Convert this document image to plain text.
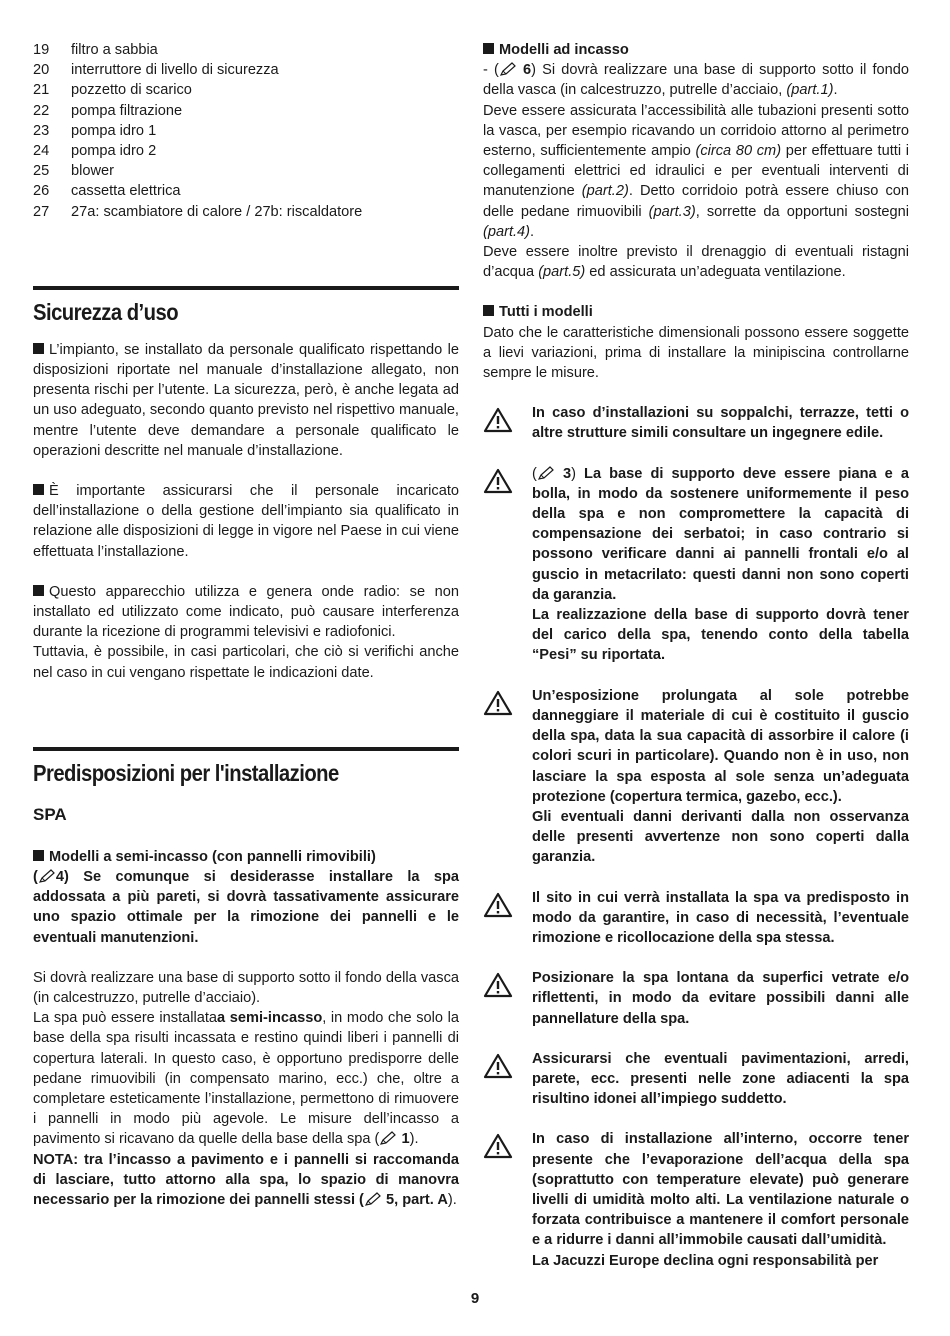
19	filtro a sabbia
20	interruttore di livello di sicurezza
21	pozzetto di scarico
22	pompa filtrazione
23	pompa idro 1
24	pompa idro 2
25	blower
26	cassetta elettrica
27	27a: scambiatore di calore / 27b: riscaldatore
Sicurezza d’uso

L’impianto, se installato da personale qualificato rispettando le disposizioni riportate nel manuale d’installazione allegato, non presenta rischi per l’utente. La sicurezza, però, è anche legata ad un uso adeguato, secondo quanto previsto nel rispettivo manuale, mentre l’utente deve demandare a personale qualificato le operazioni descritte nel manuale d’installazione.

È importante assicurarsi che il personale incaricato dell’installazione o della gestione dell’impianto sia qualificato in relazione alle disposizioni di legge in vigore nel Paese in cui viene effettuata l’installazione.

Questo apparecchio utilizza e genera onde radio: se non installato ed utilizzato come indicato, può causare interferenza durante la ricezione di programmi televisivi e radiofonici.

Tuttavia, è possibile, in casi particolari, che ciò si verifichi anche nel caso in cui vengano rispettate le indicazioni date.

Predisposizioni per l'installazione
SPA

Modelli a semi-incasso (con pannelli rimovibili)

( 4) Se comunque si desiderasse installare la spa addossata a più pareti, si dovrà tassativamente assicurare uno spazio ottimale per la rimozione dei pannelli e le eventuali manutenzioni.

Si dovrà realizzare una base di supporto sotto il fondo della vasca (in calcestruzzo, putrelle d’acciaio).

La spa può essere installataa semi-incasso, in modo che solo la base della spa risulti incassata e restino quindi liberi i pannelli di copertura laterali. In questo caso, è opportuno predisporre delle pedane rimuovibili (in compensato marino, ecc.) che, oltre a completare esteticamente l’installazione, permettono di rimuovere i pannelli in modo più agevole. Le misure dell’incasso a pavimento si ricavano da quelle della base della spa ( 1).

NOTA: tra l’incasso a pavimento e i pannelli si raccomanda di lasciare, tutto attorno alla spa, lo spazio di manovra necessario per la rimozione dei pannelli stessi ( 5, part. A).

Modelli ad incasso

- ( 6) Si dovrà realizzare una base di supporto sotto il fondo della vasca (in calcestruzzo, putrelle d’acciaio, (part.1).

Deve essere assicurata l’accessibilità alle tubazioni presenti sotto la vasca, per esempio ricavando un corridoio attorno al perimetro esterno, sufficientemente ampio (circa 80 cm) per effettuare tutti i collegamenti elettrici ed idraulici e per eventuali interventi di manutenzione (part.2). Detto corridoio potrà essere chiuso con delle pedane rimuovibili (part.3), sorrette da opportuni sostegni (part.4).

Deve essere inoltre previsto il drenaggio di eventuali ristagni d’acqua (part.5) ed assicurata un’adeguata ventilazione.

Tutti i modelli

Dato che le caratteristiche dimensionali possono essere soggette a lievi variazioni, prima di installare la minipiscina controllarne sempre le misure.

In caso d’installazioni su soppalchi, terrazze, tetti o altre strutture simili consultare un ingegnere edile.

( 3) La base di supporto deve essere piana e a bolla, in modo da sostenere uniformemente il peso della spa e non compromettere la capacità di compensazione dei serbatoi; in caso contrario si possono verificare danni ai pannelli frontali e/o al guscio in metacrilato: questi danni non sono coperti da garanzia.

La realizzazione della base di supporto dovrà tener del carico della spa, tenendo conto della tabella “Pesi” su riportata.

Un’esposizione prolungata al sole potrebbe danneggiare il materiale di cui è costituito il guscio della spa, data la sua capacità di assorbire il calore (i colori scuri in particolare). Quando non è in uso, non lasciare la spa esposta al sole senza un’adeguata protezione (copertura termica, gazebo, ecc.).

Gli eventuali danni derivanti dalla non osservanza delle presenti avvertenze non sono coperti dalla garanzia.

Il sito in cui verrà installata la spa va predisposto in modo da garantire, in caso di necessità, l’eventuale rimozione e ricollocazione della spa stessa.
Posizionare la spa lontana da superfici vetrate e/o riflettenti, in modo da evitare possibili danni alle pannellature della spa.
Assicurarsi che eventuali pavimentazioni, arredi, parete, ecc. presenti nelle zone adiacenti la spa risultino idonei all’impiego suddetto.

In caso di installazione all’interno, occorre tener presente che l’evaporazione dell’acqua della spa (soprattutto con temperature elevate) può generare livelli di umidità molto alti. La ventilazione naturale o forzata contribuisce a mantenere il comfort personale e a ridurre i danni all’immobile causati dall’umidità.

La Jacuzzi Europe declina ogni responsabilità per

9
